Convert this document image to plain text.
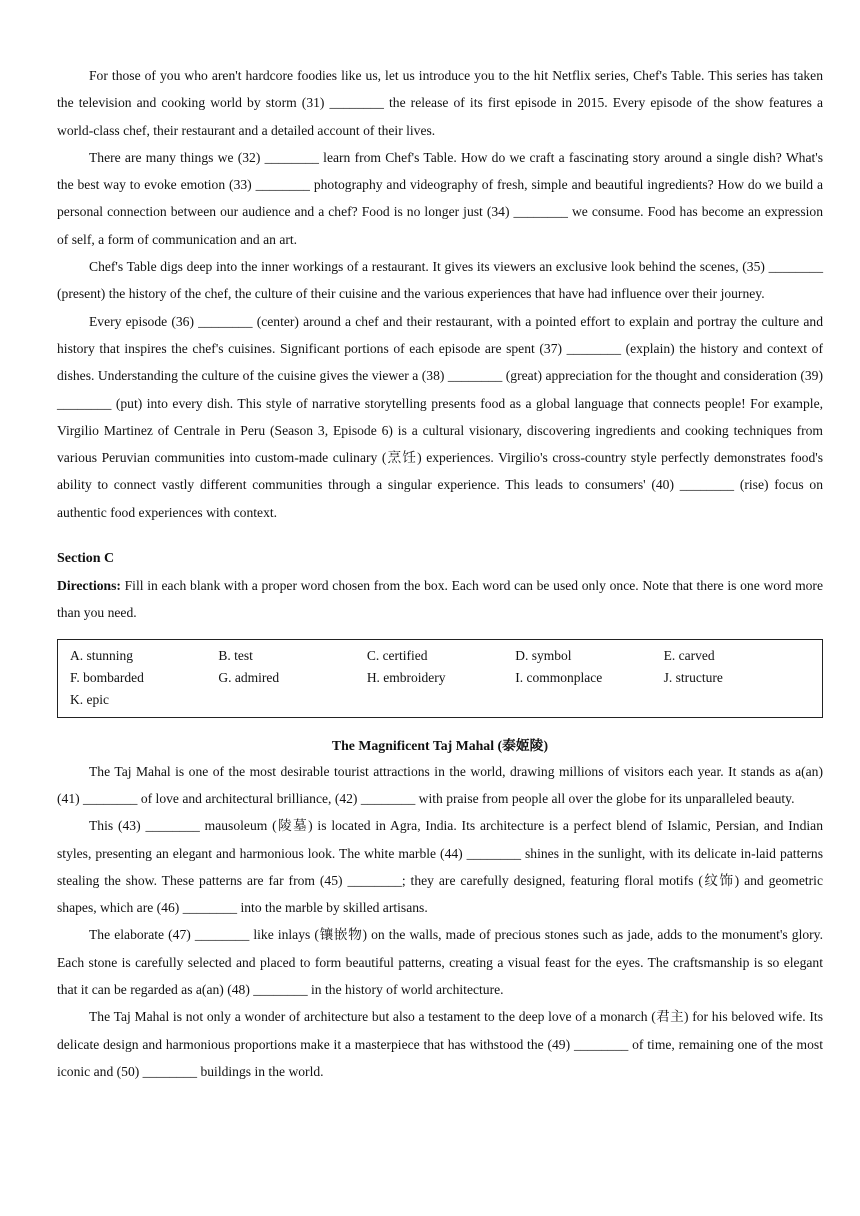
For those of you who aren't hardcore foodies like us, let us introduce you to the hit Netflix series, Chef's Table. This series has taken the television and cooking world by storm (31) ________ the release of its first episode in 2015. Every episode of the show features a world-class chef, their restaurant and a detailed account of their lives.

There are many things we (32) ________ learn from Chef's Table. How do we craft a fascinating story around a single dish? What's the best way to evoke emotion (33) ________ photography and videography of fresh, simple and beautiful ingredients? How do we build a personal connection between our audience and a chef? Food is no longer just (34) ________ we consume. Food has become an expression of self, a form of communication and an art.

Chef's Table digs deep into the inner workings of a restaurant. It gives its viewers an exclusive look behind the scenes, (35) ________ (present) the history of the chef, the culture of their cuisine and the various experiences that have had influence over their journey.

Every episode (36) ________ (center) around a chef and their restaurant, with a pointed effort to explain and portray the culture and history that inspires the chef's cuisines. Significant portions of each episode are spent (37) ________ (explain) the history and context of dishes. Understanding the culture of the cuisine gives the viewer a (38) ________ (great) appreciation for the thought and consideration (39) ________ (put) into every dish. This style of narrative storytelling presents food as a global language that connects people! For example, Virgilio Martinez of Centrale in Peru (Season 3, Episode 6) is a cultural visionary, discovering ingredients and cooking techniques from various Peruvian communities into custom-made culinary (烹饪) experiences. Virgilio's cross-country style perfectly demonstrates food's ability to connect vastly different communities through a singular experience. This leads to consumers' (40) ________ (rise) focus on authentic food experiences with context.

Section C

Directions: Fill in each blank with a proper word chosen from the box. Each word can be used only once. Note that there is one word more than you need.

A. stunning	B. test	C. certified	D. symbol	E. carved
F. bombarded	G. admired	H. embroidery	I. commonplace	J. structure
K. epic
The Magnificent Taj Mahal (泰姬陵)

The Taj Mahal is one of the most desirable tourist attractions in the world, drawing millions of visitors each year. It stands as a(an) (41) ________ of love and architectural brilliance, (42) ________ with praise from people all over the globe for its unparalleled beauty.

This (43) ________ mausoleum (陵墓) is located in Agra, India. Its architecture is a perfect blend of Islamic, Persian, and Indian styles, presenting an elegant and harmonious look. The white marble (44) ________ shines in the sunlight, with its delicate in-laid patterns stealing the show. These patterns are far from (45) ________; they are carefully designed, featuring floral motifs (纹饰) and geometric shapes, which are (46) ________ into the marble by skilled artisans.

The elaborate (47) ________ like inlays (镶嵌物) on the walls, made of precious stones such as jade, adds to the monument's glory. Each stone is carefully selected and placed to form beautiful patterns, creating a visual feast for the eyes. The craftsmanship is so elegant that it can be regarded as a(an) (48) ________ in the history of world architecture.

The Taj Mahal is not only a wonder of architecture but also a testament to the deep love of a monarch (君主) for his beloved wife. Its delicate design and harmonious proportions make it a masterpiece that has withstood the (49) ________ of time, remaining one of the most iconic and (50) ________ buildings in the world.
